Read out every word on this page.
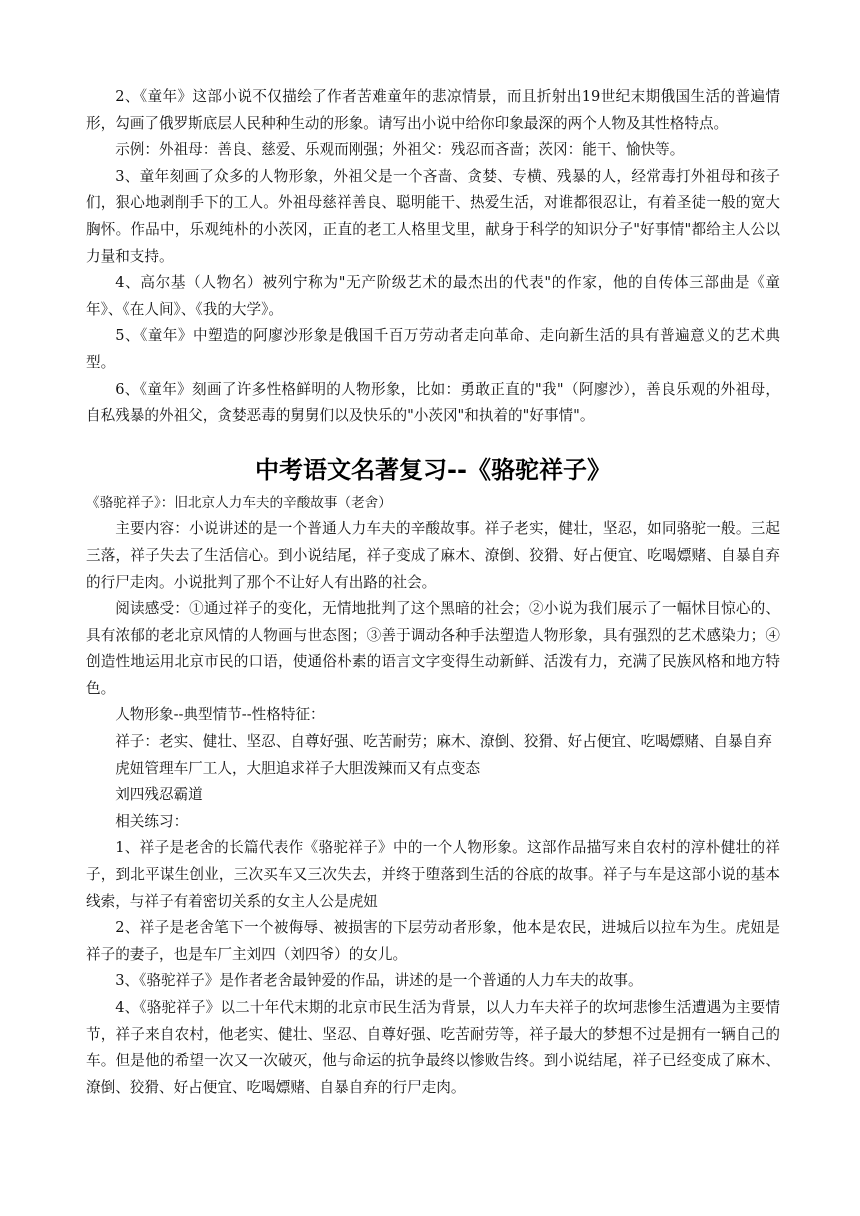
2、《童年》这部小说不仅描绘了作者苦难童年的悲凉情景，而且折射出19世纪末期俄国生活的普遍情形，勾画了俄罗斯底层人民种种生动的形象。请写出小说中给你印象最深的两个人物及其性格特点。

示例：外祖母：善良、慈爱、乐观而刚强；外祖父：残忍而吝啬；茨冈：能干、愉快等。

3、童年刻画了众多的人物形象，外祖父是一个吝啬、贪婪、专横、残暴的人，经常毒打外祖母和孩子们，狠心地剥削手下的工人。外祖母慈祥善良、聪明能干、热爱生活，对谁都很忍让，有着圣徒一般的宽大胸怀。作品中，乐观纯朴的小茨冈，正直的老工人格里戈里，献身于科学的知识分子"好事情"都给主人公以力量和支持。

4、高尔基（人物名）被列宁称为"无产阶级艺术的最杰出的代表"的作家，他的自传体三部曲是《童年》、《在人间》、《我的大学》。

5、《童年》中塑造的阿廖沙形象是俄国千百万劳动者走向革命、走向新生活的具有普遍意义的艺术典型。

6、《童年》刻画了许多性格鲜明的人物形象，比如：勇敢正直的"我"（阿廖沙），善良乐观的外祖母，自私残暴的外祖父，贪婪恶毒的舅舅们以及快乐的"小茨冈"和执着的"好事情"。

中考语文名著复习--《骆驼祥子》

《骆驼祥子》：旧北京人力车夫的辛酸故事（老舍）

主要内容：小说讲述的是一个普通人力车夫的辛酸故事。祥子老实，健壮，坚忍，如同骆驼一般。三起三落，祥子失去了生活信心。到小说结尾，祥子变成了麻木、潦倒、狡猾、好占便宜、吃喝嫖赌、自暴自弃的行尸走肉。小说批判了那个不让好人有出路的社会。

阅读感受：①通过祥子的变化，无情地批判了这个黑暗的社会；②小说为我们展示了一幅怵目惊心的、具有浓郁的老北京风情的人物画与世态图；③善于调动各种手法塑造人物形象，具有强烈的艺术感染力；④创造性地运用北京市民的口语，使通俗朴素的语言文字变得生动新鲜、活泼有力，充满了民族风格和地方特色。

人物形象--典型情节--性格特征：

祥子：老实、健壮、坚忍、自尊好强、吃苦耐劳；麻木、潦倒、狡猾、好占便宜、吃喝嫖赌、自暴自弃

虎妞管理车厂工人，大胆追求祥子大胆泼辣而又有点变态

刘四残忍霸道

相关练习：

1、祥子是老舍的长篇代表作《骆驼祥子》中的一个人物形象。这部作品描写来自农村的淳朴健壮的祥子，到北平谋生创业，三次买车又三次失去，并终于堕落到生活的谷底的故事。祥子与车是这部小说的基本线索，与祥子有着密切关系的女主人公是虎妞

2、祥子是老舍笔下一个被侮辱、被损害的下层劳动者形象，他本是农民，进城后以拉车为生。虎妞是祥子的妻子，也是车厂主刘四（刘四爷）的女儿。

3、《骆驼祥子》是作者老舍最钟爱的作品，讲述的是一个普通的人力车夫的故事。

4、《骆驼祥子》以二十年代末期的北京市民生活为背景，以人力车夫祥子的坎坷悲惨生活遭遇为主要情节，祥子来自农村，他老实、健壮、坚忍、自尊好强、吃苦耐劳等，祥子最大的梦想不过是拥有一辆自己的车。但是他的希望一次又一次破灭，他与命运的抗争最终以惨败告终。到小说结尾，祥子已经变成了麻木、潦倒、狡猾、好占便宜、吃喝嫖赌、自暴自弃的行尸走肉。
